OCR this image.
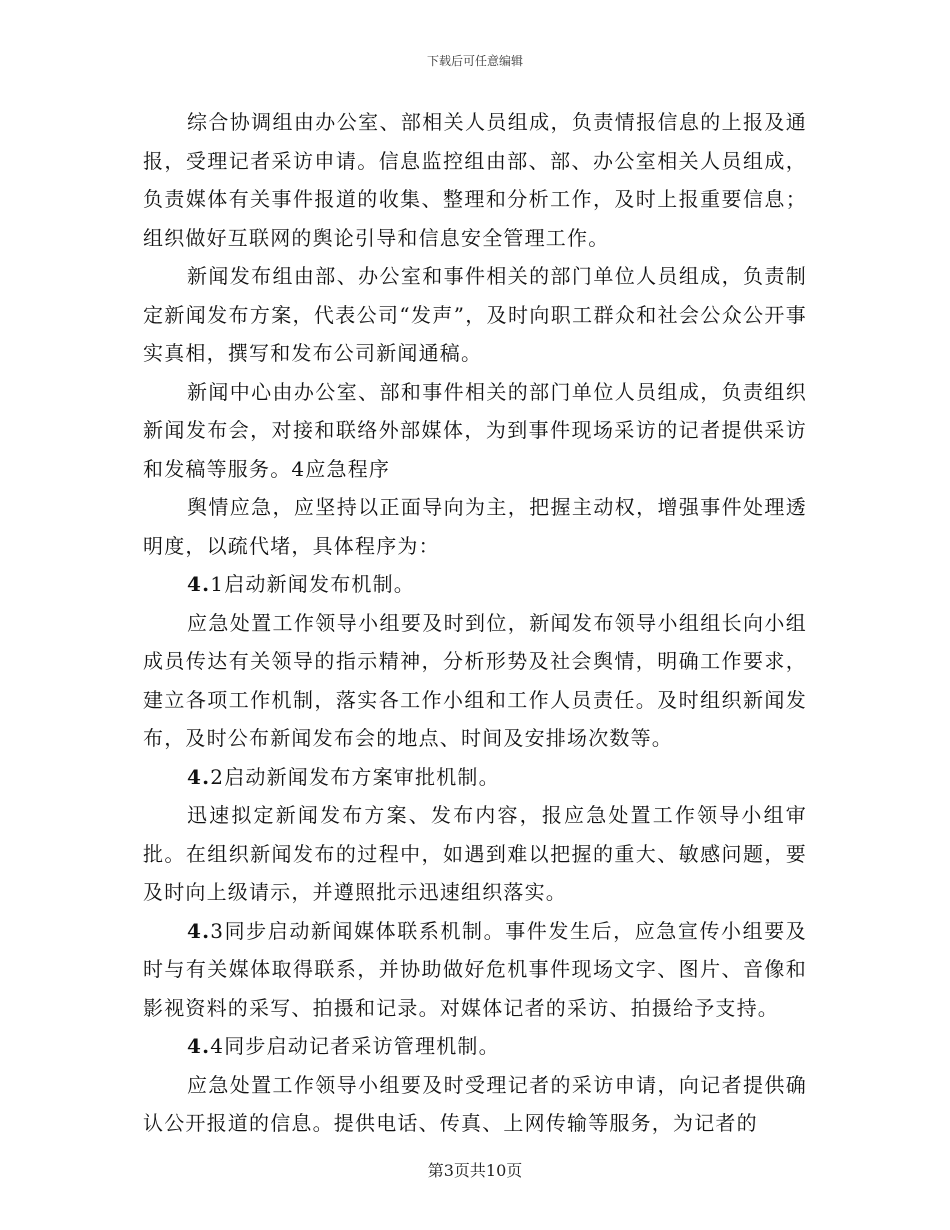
下载后可任意编辑

综合协调组由办公室、部相关人员组成，负责情报信息的上报及通报，受理记者采访申请。信息监控组由部、部、办公室相关人员组成，负责媒体有关事件报道的收集、整理和分析工作，及时上报重要信息；组织做好互联网的舆论引导和信息安全管理工作。

新闻发布组由部、办公室和事件相关的部门单位人员组成，负责制定新闻发布方案，代表公司“发声”，及时向职工群众和社会公众公开事实真相，撰写和发布公司新闻通稿。

新闻中心由办公室、部和事件相关的部门单位人员组成，负责组织新闻发布会，对接和联络外部媒体，为到事件现场采访的记者提供采访和发稿等服务。4应急程序

舆情应急，应坚持以正面导向为主，把握主动权，增强事件处理透明度，以疏代堵，具体程序为：

4.1启动新闻发布机制。

应急处置工作领导小组要及时到位，新闻发布领导小组组长向小组成员传达有关领导的指示精神，分析形势及社会舆情，明确工作要求，建立各项工作机制，落实各工作小组和工作人员责任。及时组织新闻发布，及时公布新闻发布会的地点、时间及安排场次数等。

4.2启动新闻发布方案审批机制。

迅速拟定新闻发布方案、发布内容，报应急处置工作领导小组审批。在组织新闻发布的过程中，如遇到难以把握的重大、敏感问题，要及时向上级请示，并遵照批示迅速组织落实。

4.3同步启动新闻媒体联系机制。事件发生后，应急宣传小组要及时与有关媒体取得联系，并协助做好危机事件现场文字、图片、音像和影视资料的采写、拍摄和记录。对媒体记者的采访、拍摄给予支持。

4.4同步启动记者采访管理机制。

应急处置工作领导小组要及时受理记者的采访申请，向记者提供确认公开报道的信息。提供电话、传真、上网传输等服务，为记者的

第3页共10页
